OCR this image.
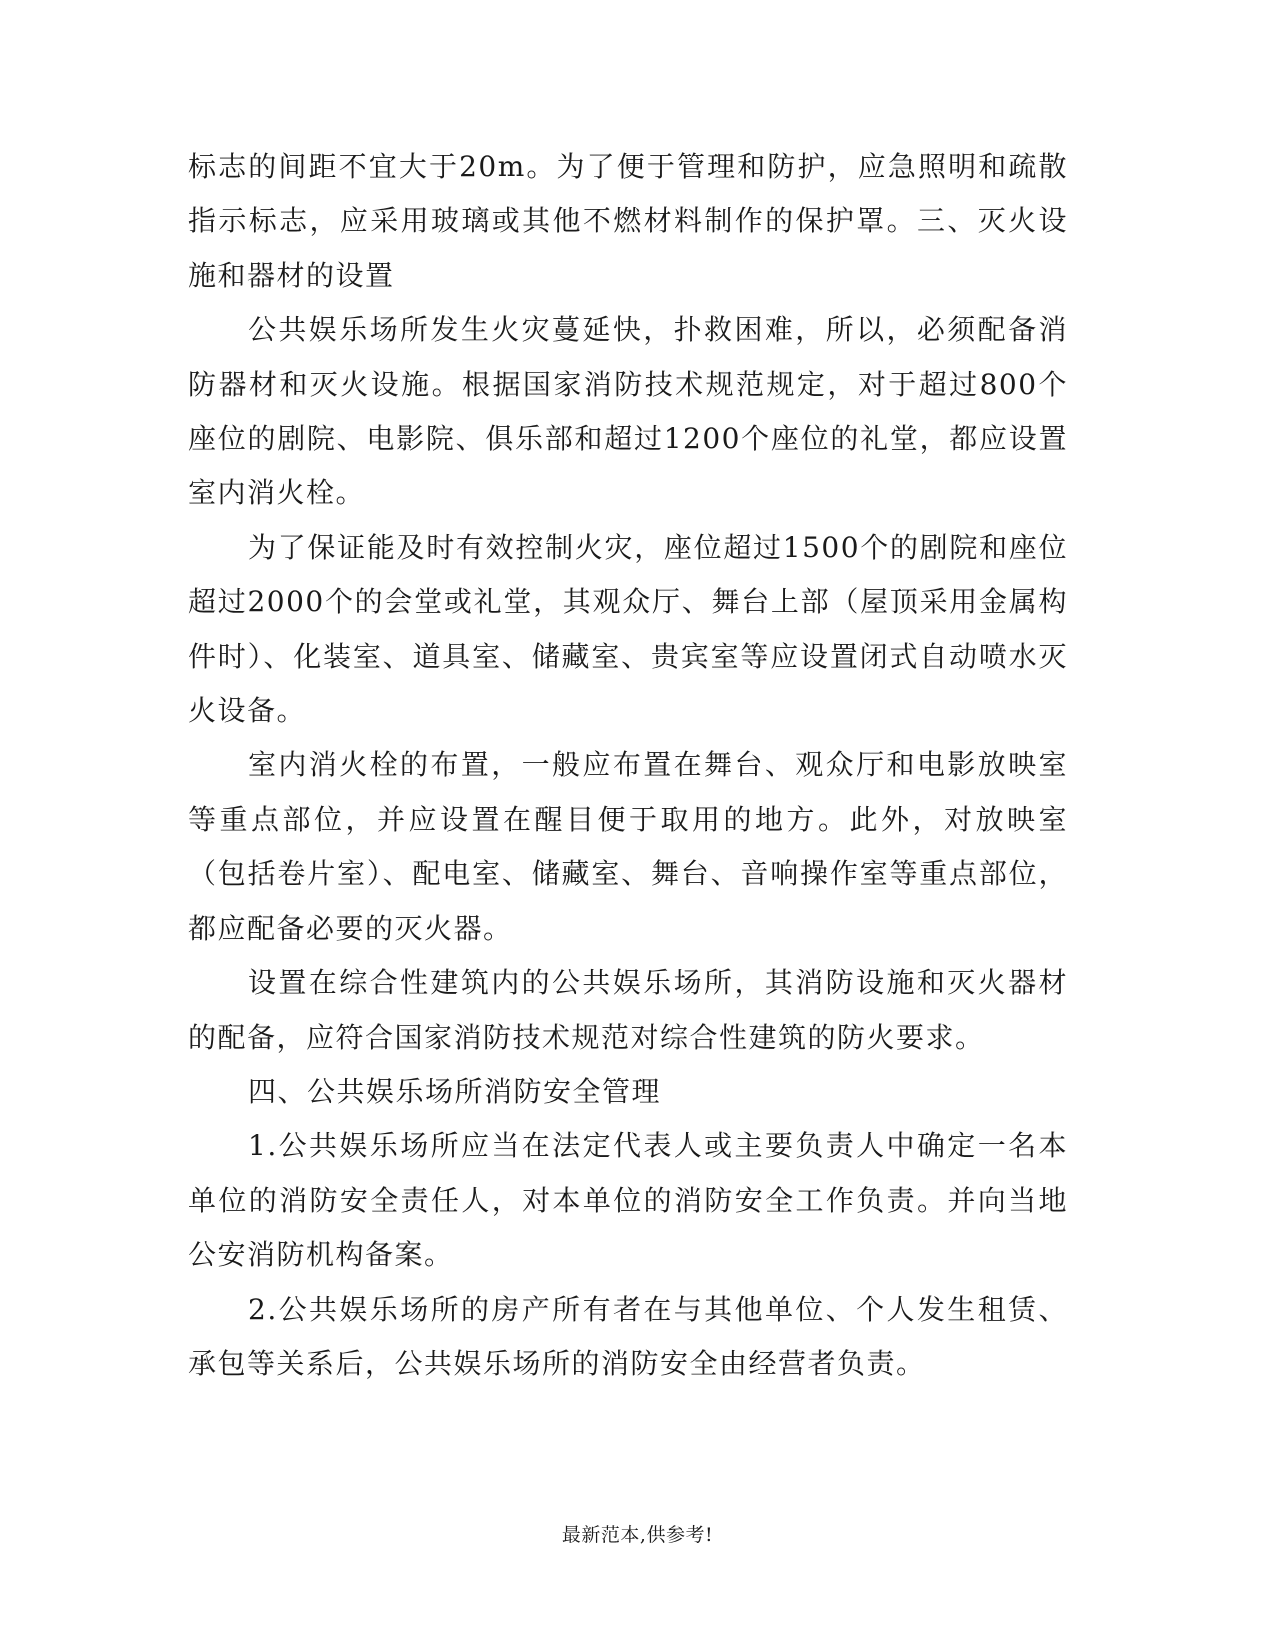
标志的间距不宜大于20m。为了便于管理和防护，应急照明和疏散指示标志，应采用玻璃或其他不燃材料制作的保护罩。三、灭火设施和器材的设置

公共娱乐场所发生火灾蔓延快，扑救困难，所以，必须配备消防器材和灭火设施。根据国家消防技术规范规定，对于超过800个座位的剧院、电影院、俱乐部和超过1200个座位的礼堂，都应设置室内消火栓。

为了保证能及时有效控制火灾，座位超过1500个的剧院和座位超过2000个的会堂或礼堂，其观众厅、舞台上部（屋顶采用金属构件时）、化装室、道具室、储藏室、贵宾室等应设置闭式自动喷水灭火设备。

室内消火栓的布置，一般应布置在舞台、观众厅和电影放映室等重点部位，并应设置在醒目便于取用的地方。此外，对放映室（包括卷片室）、配电室、储藏室、舞台、音响操作室等重点部位，都应配备必要的灭火器。

设置在综合性建筑内的公共娱乐场所，其消防设施和灭火器材的配备，应符合国家消防技术规范对综合性建筑的防火要求。

四、公共娱乐场所消防安全管理

1.公共娱乐场所应当在法定代表人或主要负责人中确定一名本单位的消防安全责任人，对本单位的消防安全工作负责。并向当地公安消防机构备案。

2.公共娱乐场所的房产所有者在与其他单位、个人发生租赁、承包等关系后，公共娱乐场所的消防安全由经营者负责。

最新范本,供参考!
